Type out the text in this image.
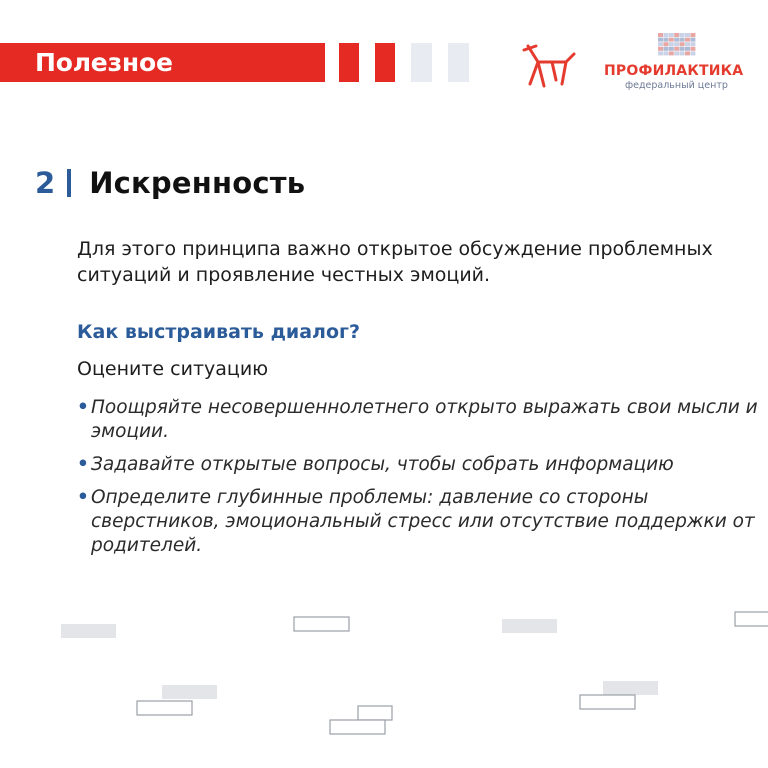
Полезное	ПРОФИЛАКТИКА
федеральный центр
2 Искренность
Для этого принципа важно открытое обсуждение проблемных ситуаций и проявление честных эмоций.
Как выстраивать диалог?
Оцените ситуацию
• Поощряйте несовершеннолетнего открыто выражать свои мысли и эмоции.
• Задавайте открытые вопросы, чтобы собрать информацию
• Определите глубинные проблемы: давление со стороны сверстников, эмоциональный стресс или отсутствие поддержки от родителей.
